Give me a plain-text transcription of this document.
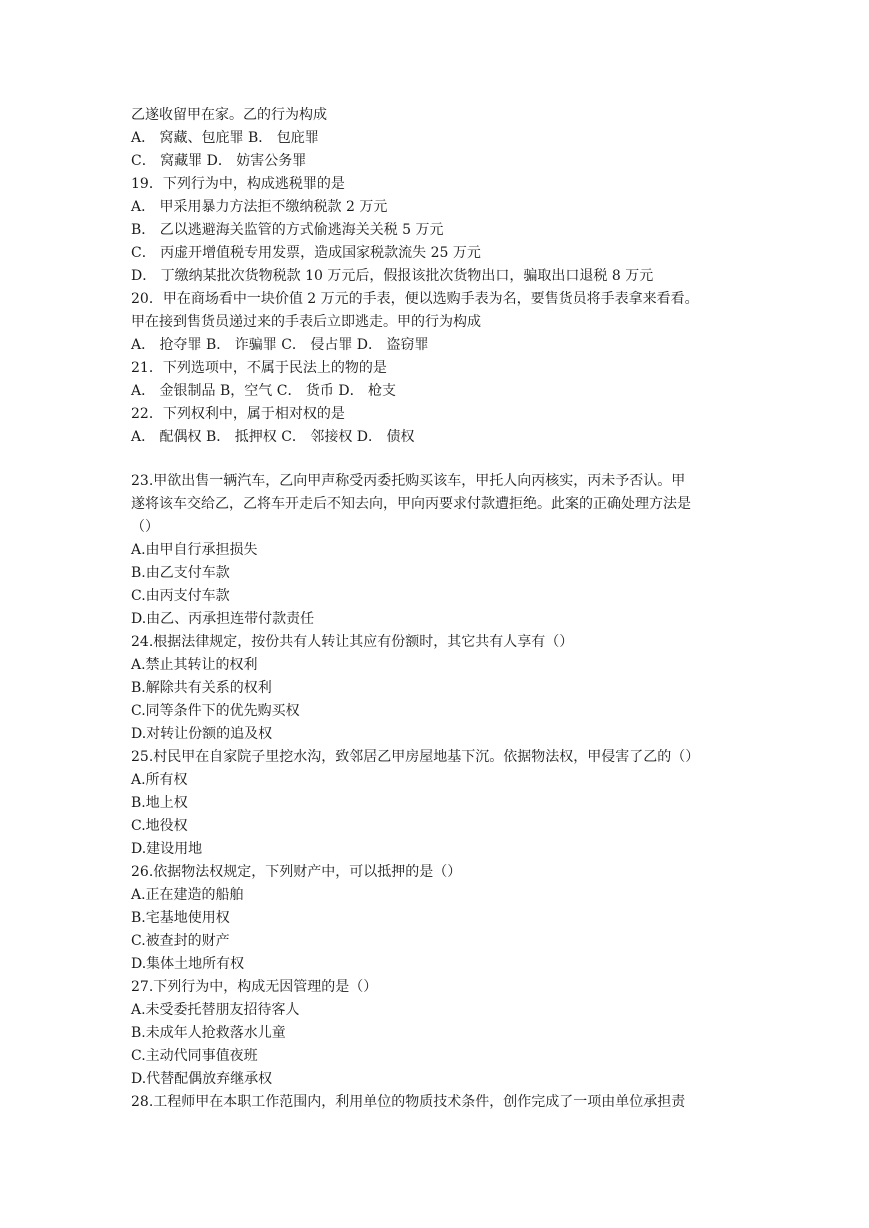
乙遂收留甲在家。乙的行为构成
A． 窝藏、包庇罪 B． 包庇罪
C． 窝藏罪 D． 妨害公务罪
19．下列行为中，构成逃税罪的是
A． 甲采用暴力方法拒不缴纳税款 2 万元
B． 乙以逃避海关监管的方式偷逃海关关税 5 万元
C． 丙虚开增值税专用发票，造成国家税款流失 25 万元
D． 丁缴纳某批次货物税款 10 万元后，假报该批次货物出口，骗取出口退税 8 万元
20．甲在商场看中一块价值 2 万元的手表，便以选购手表为名，要售货员将手表拿来看看。
甲在接到售货员递过来的手表后立即逃走。甲的行为构成
A． 抢夺罪 B． 诈骗罪 C． 侵占罪 D． 盗窃罪
21．下列选项中，不属于民法上的物的是
A． 金银制品 B，空气 C． 货币 D． 枪支
22．下列权利中，属于相对权的是
A． 配偶权 B． 抵押权 C． 邻接权 D． 债权
23.甲欲出售一辆汽车，乙向甲声称受丙委托购买该车，甲托人向丙核实，丙未予否认。甲
遂将该车交给乙，乙将车开走后不知去向，甲向丙要求付款遭拒绝。此案的正确处理方法是
（）
A.由甲自行承担损失
B.由乙支付车款
C.由丙支付车款
D.由乙、丙承担连带付款责任
24.根据法律规定，按份共有人转让其应有份额时，其它共有人享有（）
A.禁止其转让的权利
B.解除共有关系的权利
C.同等条件下的优先购买权
D.对转让份额的追及权
25.村民甲在自家院子里挖水沟，致邻居乙甲房屋地基下沉。依据物法权，甲侵害了乙的（）
A.所有权
B.地上权
C.地役权
D.建设用地
26.依据物法权规定，下列财产中，可以抵押的是（）
A.正在建造的船舶
B.宅基地使用权
C.被查封的财产
D.集体土地所有权
27.下列行为中，构成无因管理的是（）
A.未受委托替朋友招待客人
B.未成年人抢救落水儿童
C.主动代同事值夜班
D.代替配偶放弃继承权
28.工程师甲在本职工作范围内，利用单位的物质技术条件，创作完成了一项由单位承担责
